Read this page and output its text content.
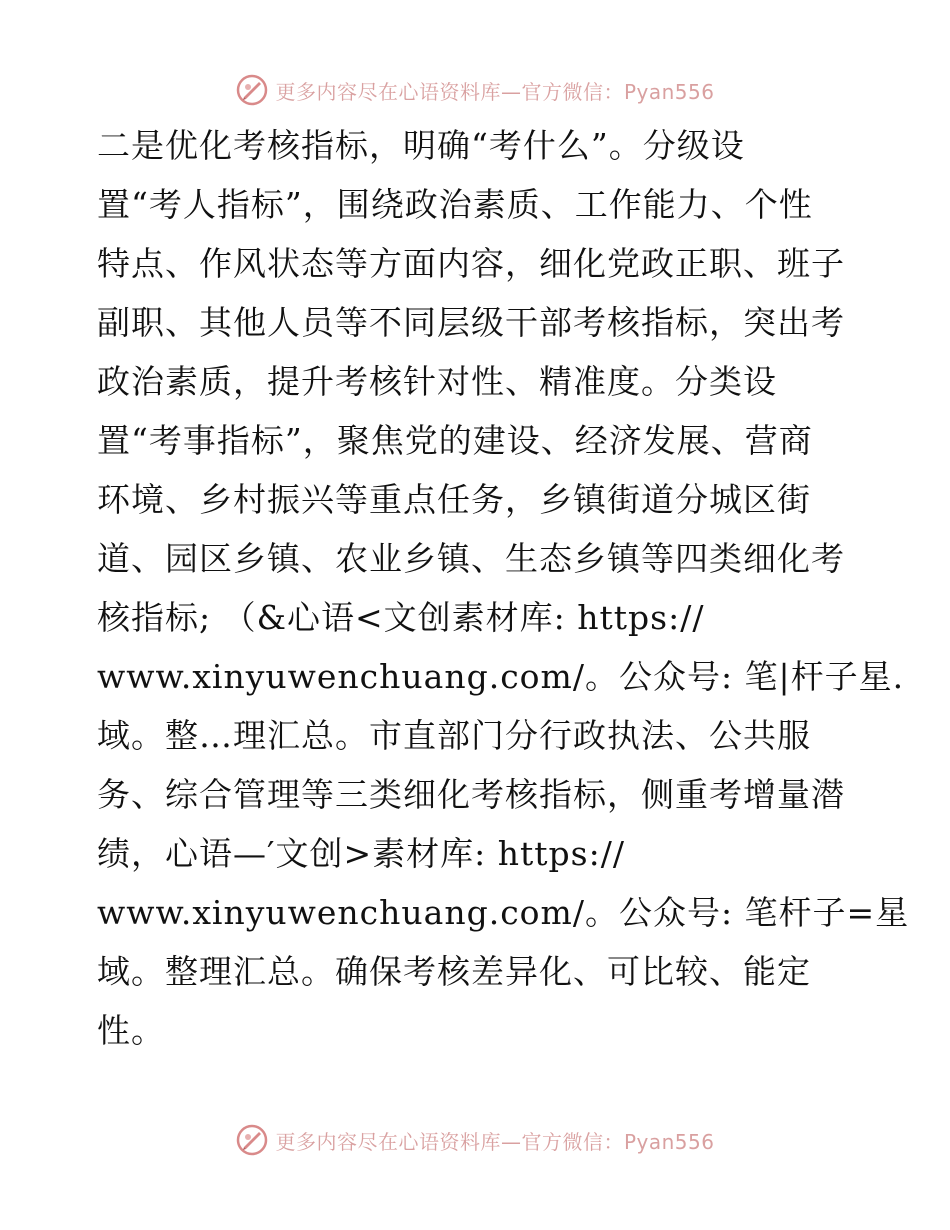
更多内容尽在心语资料库—官方微信：Pyan556
二是优化考核指标，明确“考什么”。分级设
置“考人指标”，围绕政治素质、工作能力、个性
特点、作风状态等方面内容，细化党政正职、班子
副职、其他人员等不同层级干部考核指标，突出考
政治素质，提升考核针对性、精准度。分类设
置“考事指标”，聚焦党的建设、经济发展、营商
环境、乡村振兴等重点任务，乡镇街道分城区街
道、园区乡镇、农业乡镇、生态乡镇等四类细化考
核指标; （&心语<文创素材库: https://
www.xinyuwenchuang.com/。公众号: 笔|杆子星.
域。整…理汇总。市直部门分行政执法、公共服
务、综合管理等三类细化考核指标，侧重考增量潜
绩，心语—′文创>素材库: https://
www.xinyuwenchuang.com/。公众号: 笔杆子=星
域。整理汇总。确保考核差异化、可比较、能定
性。
更多内容尽在心语资料库—官方微信：Pyan556
